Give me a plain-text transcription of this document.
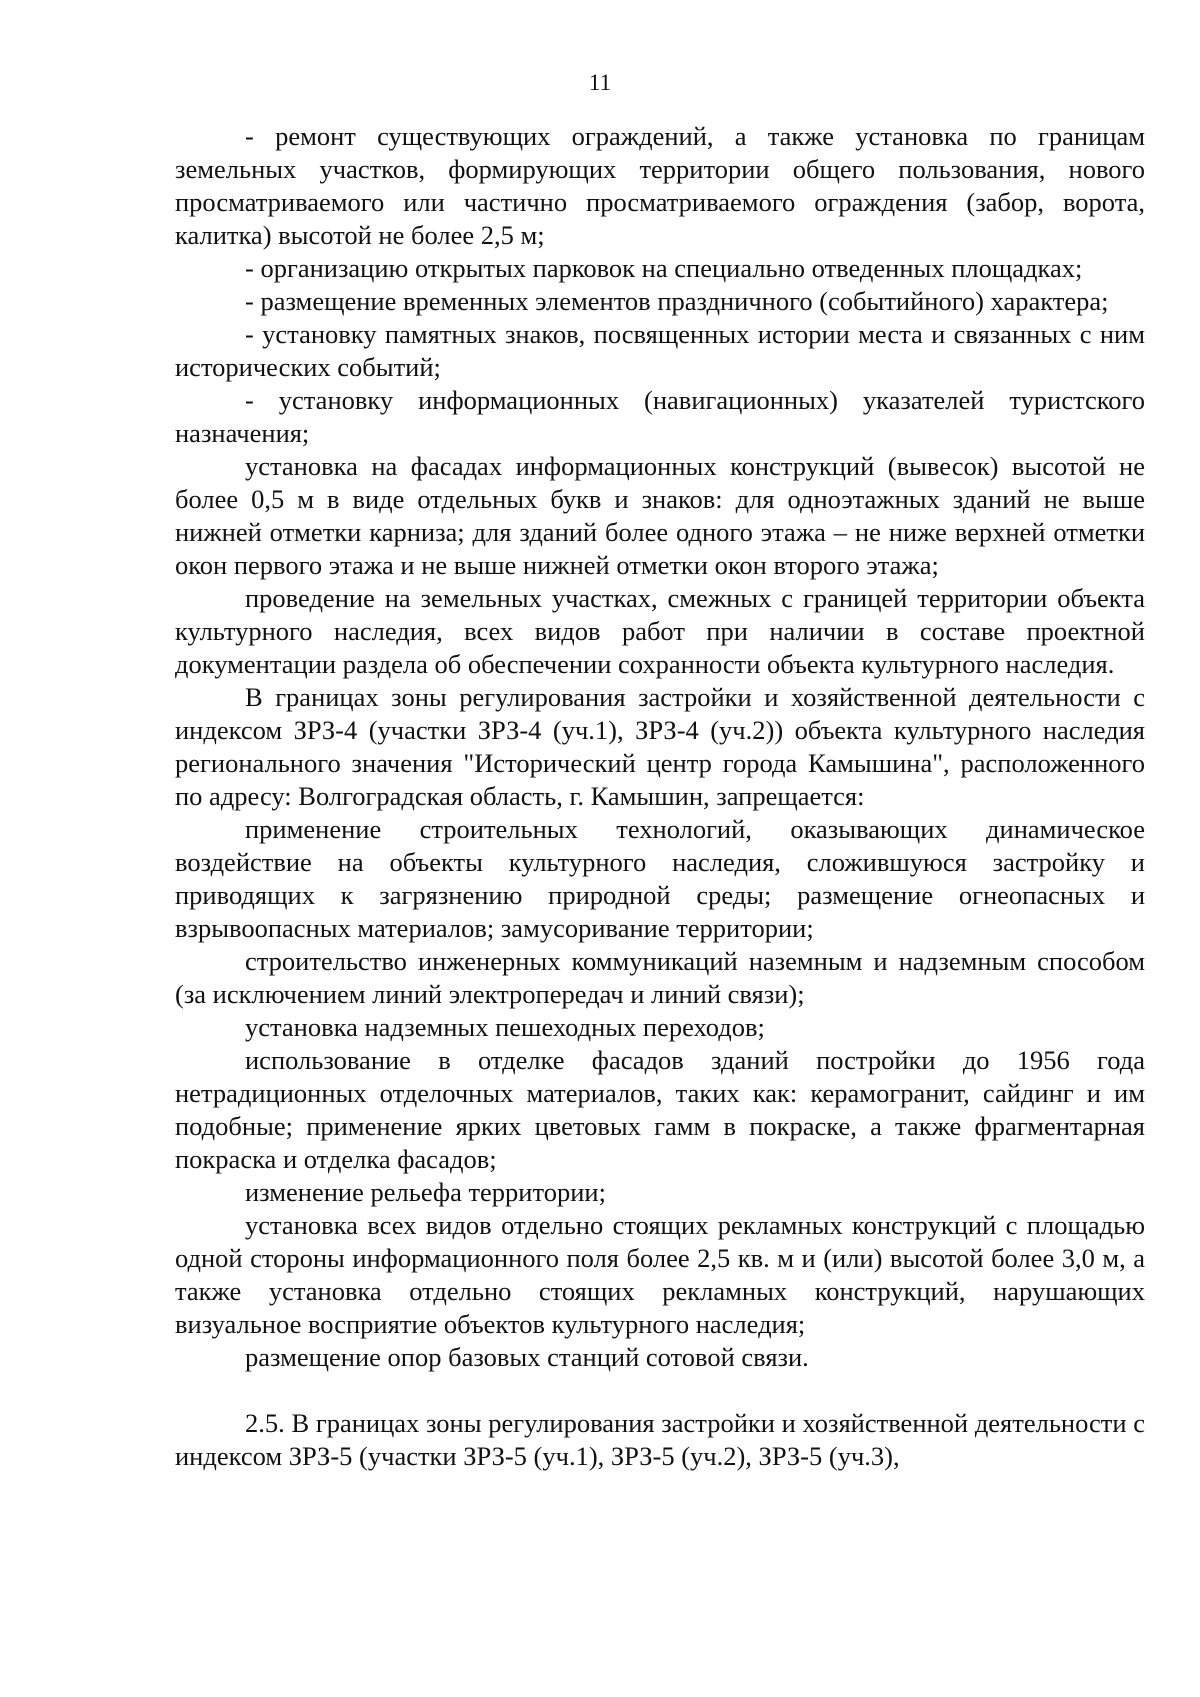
11

- ремонт существующих ограждений, а также установка по границам земельных участков, формирующих территории общего пользования, нового просматриваемого или частично просматриваемого ограждения (забор, ворота, калитка) высотой не более 2,5 м;

- организацию открытых парковок на специально отведенных площадках;

- размещение временных элементов праздничного (событийного) характера;

- установку памятных знаков, посвященных истории места и связанных с ним исторических событий;

- установку информационных (навигационных) указателей туристского назначения;

установка на фасадах информационных конструкций (вывесок) высотой не более 0,5 м в виде отдельных букв и знаков: для одноэтажных зданий не выше нижней отметки карниза; для зданий более одного этажа – не ниже верхней отметки окон первого этажа и не выше нижней отметки окон второго этажа;

проведение на земельных участках, смежных с границей территории объекта культурного наследия, всех видов работ при наличии в составе проектной документации раздела об обеспечении сохранности объекта культурного наследия.

В границах зоны регулирования застройки и хозяйственной деятельности с индексом ЗРЗ-4 (участки ЗРЗ-4 (уч.1), ЗРЗ-4 (уч.2)) объекта культурного наследия регионального значения "Исторический центр города Камышина", расположенного по адресу: Волгоградская область, г. Камышин, запрещается:

применение строительных технологий, оказывающих динамическое воздействие на объекты культурного наследия, сложившуюся застройку и приводящих к загрязнению природной среды; размещение огнеопасных и взрывоопасных материалов; замусоривание территории;

строительство инженерных коммуникаций наземным и надземным способом (за исключением линий электропередач и линий связи);

установка надземных пешеходных переходов;

использование в отделке фасадов зданий постройки до 1956 года нетрадиционных отделочных материалов, таких как: керамогранит, сайдинг и им подобные; применение ярких цветовых гамм в покраске, а также фрагментарная покраска и отделка фасадов;

изменение рельефа территории;

установка всех видов отдельно стоящих рекламных конструкций с площадью одной стороны информационного поля более 2,5 кв. м и (или) высотой более 3,0 м, а также установка отдельно стоящих рекламных конструкций, нарушающих визуальное восприятие объектов культурного наследия;

размещение опор базовых станций сотовой связи.

2.5. В границах зоны регулирования застройки и хозяйственной деятельности с индексом ЗРЗ-5 (участки ЗРЗ-5 (уч.1), ЗРЗ-5 (уч.2), ЗРЗ-5 (уч.3),
